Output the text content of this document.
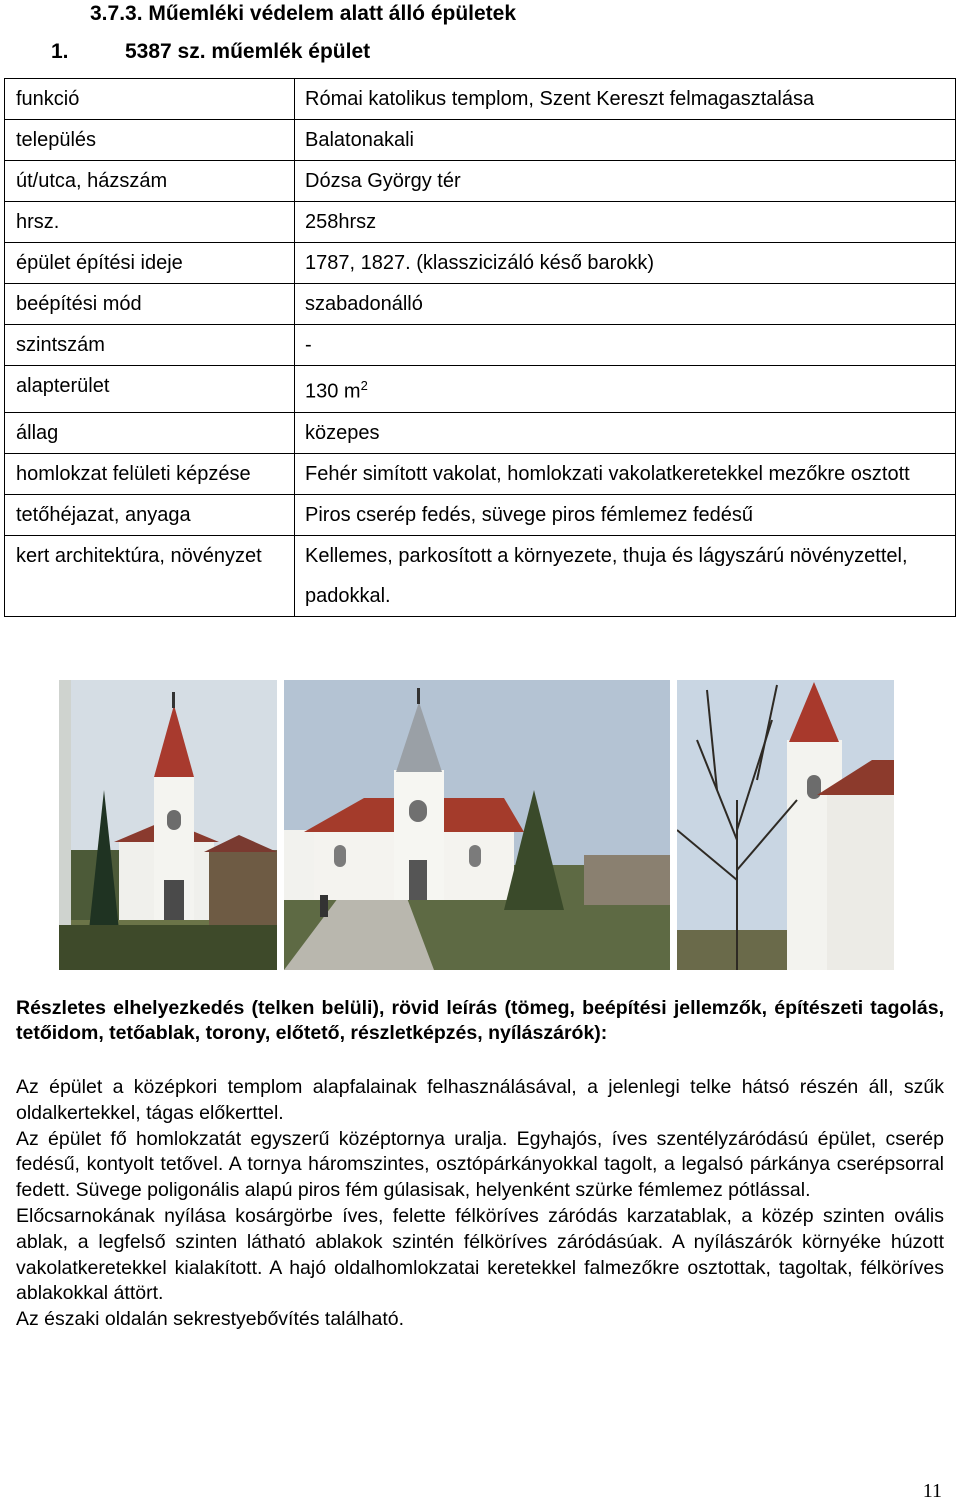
3.7.3. Műemléki védelem alatt álló épületek
1.	5387 sz. műemlék épület
funkció	Római katolikus templom, Szent Kereszt felmagasztalása
település	Balatonakali
út/utca, házszám	Dózsa György tér
hrsz.	258hrsz
épület építési ideje	1787, 1827. (klasszicizáló késő barokk)
beépítési mód	szabadonálló
szintszám	-
alapterület	130 $m^2$
állag	közepes
homlokzat felületi képzése	Fehér simított vakolat, homlokzati vakolatkeretekkel mezőkre osztott
tetőhéjazat, anyaga	Piros cserép fedés, süvege piros fémlemez fedésű
kert architektúra, növényzet	Kellemes, parkosított a környezete, thuja és lágyszárú növényzettel, padokkal.
Részletes elhelyezkedés (telken belüli), rövid leírás (tömeg, beépítési jellemzők, építészeti tagolás, tetőidom, tetőablak, torony, előtető, részletképzés, nyílászárók):

Az épület a középkori templom alapfalainak felhasználásával, a jelenlegi telke hátsó részén áll, szűk oldalkertekkel, tágas előkerttel.

Az épület fő homlokzatát egyszerű középtornya uralja. Egyhajós, íves szentélyzáródású épület, cserép fedésű, kontyolt tetővel. A tornya háromszintes, osztópárkányokkal tagolt, a legalsó párkánya cserépsorral fedett. Süvege poligonális alapú piros fém gúlasisak, helyenként szürke fémlemez pótlással.

Előcsarnokának nyílása kosárgörbe íves, felette félköríves záródás karzatablak, a közép szinten ovális ablak, a legfelső szinten látható ablakok szintén félköríves záródásúak. A nyílászárók környéke húzott vakolatkeretekkel kialakított. A hajó oldalhomlokzatai keretekkel falmezőkre osztottak, tagoltak, félköríves ablakokkal áttört.

Az északi oldalán sekrestyebővítés található.

11
